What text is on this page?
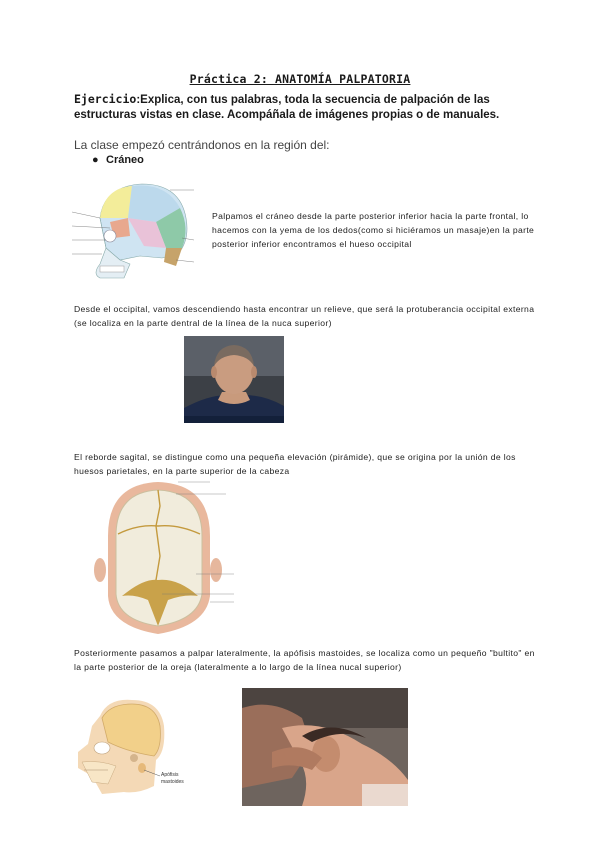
Práctica 2: ANATOMÍA PALPATORIA
Ejercicio:Explica, con tus palabras, toda la secuencia de palpación de las estructuras vistas en clase. Acompáñala de imágenes propias o de manuales.
La clase empezó centrándonos en la región del:
● Cráneo
Palpamos el cráneo desde la parte posterior inferior hacia la parte frontal, lo hacemos con la yema de los dedos(como si hiciéramos un masaje)en la parte posterior inferior encontramos el hueso occipital
Desde el occipital, vamos descendiendo hasta encontrar un relieve, que será la protuberancia occipital externa (se localiza en la parte dentral de la línea de la nuca superior)
El reborde sagital, se distingue como una pequeña elevación (pirámide), que se origina por la unión de los huesos parietales, en la parte superior de la cabeza
Posteriormente pasamos a palpar lateralmente, la apófisis mastoides, se localiza como un pequeño "bultito" en la parte posterior de la oreja (lateralmente a lo largo de la línea nucal superior)
Apófisis
mastoides
